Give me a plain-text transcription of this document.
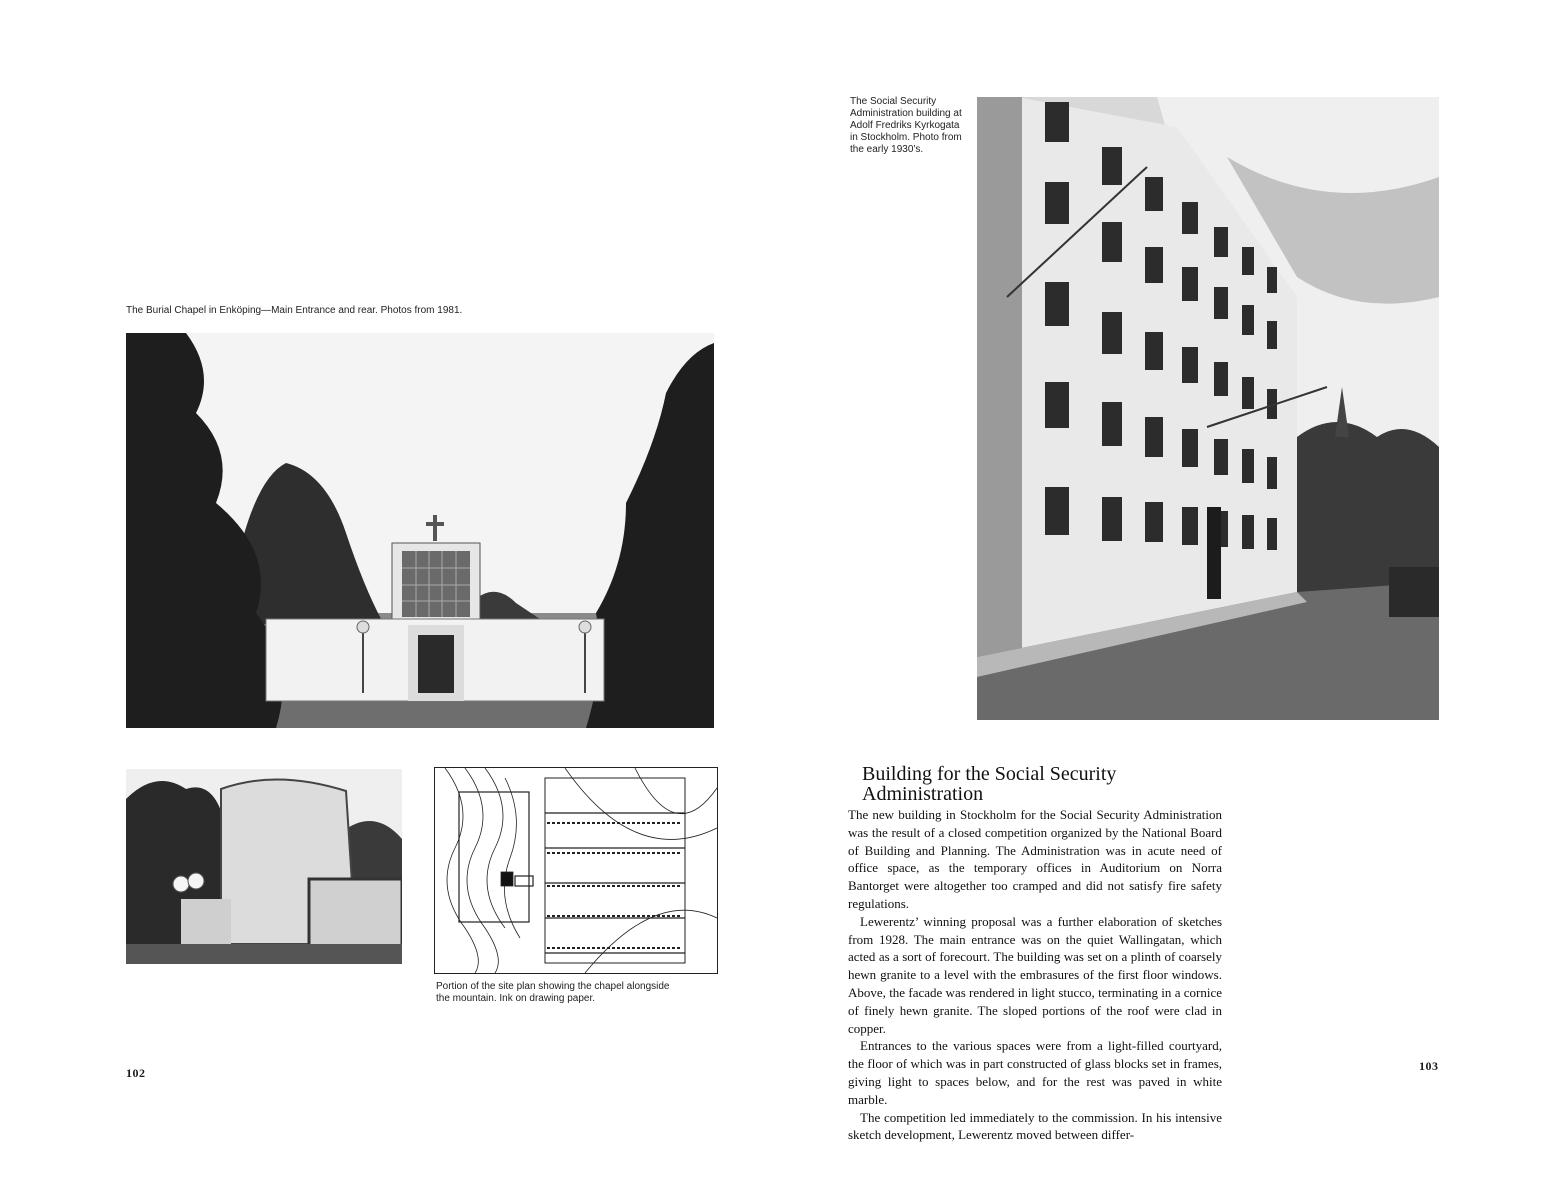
The Burial Chapel in Enköping—Main Entrance and rear. Photos from 1981.
Portion of the site plan showing the chapel alongside the mountain. Ink on drawing paper.
102
The Social Security Administration building at Adolf Fredriks Kyrkogata in Stockholm. Photo from the early 1930’s.
Building for the Social Security
Administration

The new building in Stockholm for the Social Security Administration was the result of a closed competition organized by the National Board of Building and Planning. The Administration was in acute need of office space, as the temporary offices in Auditorium on Norra Bantorget were altogether too cramped and did not satisfy fire safety regulations.

Lewerentz’ winning proposal was a further elaboration of sketches from 1928. The main entrance was on the quiet Wallingatan, which acted as a sort of forecourt. The building was set on a plinth of coarsely hewn granite to a level with the embrasures of the first floor windows. Above, the facade was rendered in light stucco, terminating in a cornice of finely hewn granite. The sloped portions of the roof were clad in copper.

Entrances to the various spaces were from a light-filled courtyard, the floor of which was in part constructed of glass blocks set in frames, giving light to spaces below, and for the rest was paved in white marble.

The competition led immediately to the commission. In his intensive sketch development, Lewerentz moved between differ-

103
